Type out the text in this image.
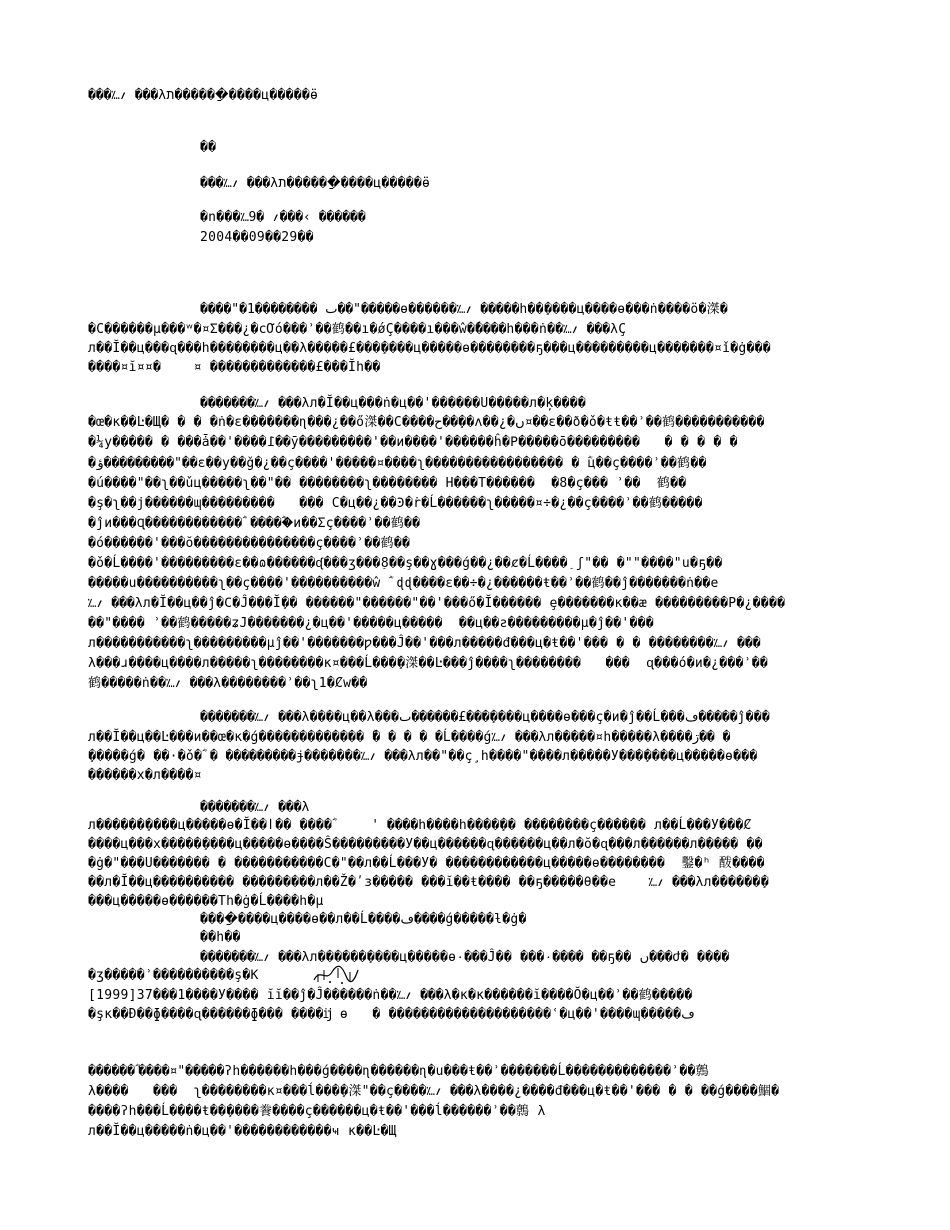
���؊؍ ���λת������ַ����ц�����ӫ
��
���؊؍ ���λת������ַ����ц�����ӫ
�n���؊؍ �9���‹ ������
2004��09��29��
����"�ٮ ��������1��"�����ө������؊؍ �����h��ַ����ц����ө���ṅ����ӧ�滐�
�C������µ���ʷ�¤Σ���¿�cƠό���ʾ��鹤��ı�ǿÇ����ı���ŵ�ٗ����h���ṅ��؊؍ ���λÇ
л��Ĭ��ц���ɋ���h��������ц��λ�����£���ַ����ц�����ө��������ҕ���ц���������ц�������¤ǐ�ġ���
����¤ĭ¤¤�    ¤ �������������£���Ĭh��
�������؊؍ ���λл�Ĭ��ц���ṅ�ц��'������Ս�����л�ķ����
�œ�к��Ŀ�Щ� � � �ṅ�ɛ�������ɳ���¿��ő滐��C����ح��ַ��ʌ��¿�ں¤��ɛ��ð�ǒ�ŧŧ��ʾ��鹤�����������
�¼у����� � ���ǡ��'����߁��ӯ���������'��и����'������ĥ�Ρ�����ō���������   � � � � �
�ؤ���������"��ɛ��у��ǧ�¿��ç����'�����¤����ʅ����������������� � ؓц��ç����ʾ��鹤��
�ú����"��ʅ��ǔц�����ʅ��"�� ��������ʅ�������� H���T������  �8�ç��� ʾ��  鹤��
�ş�ʅ��ј������ɰ���������   ��� C�ц��¿��Ͽ�ṙ�Ĺ������ʅ�����¤÷�¿��ç����ʾ��鹤�����
�ĵи���Ɋ������������ؓ �����ؓи��Σç����ʾ��鹤��
�ό������'���ŏ���������������ç����ʾ��鹤��
�ǒ�Ĺ����'���������ɛ��ɷ������ᶑ���ʒ���ַ8��ş��ɣ���ǵ��¿��ȼ�Ĺ����ַ ʃ"�� �""����"u�ҕ��
�����ս����������ʅ��ç����'����������ŵ ؓ ɖɖ����ɛ��÷�¿������ŧ��ʾ��鹤��ĵ�������ṅ��e
؊؍ ���λл�Ĭ��ц��ĵ�Ϲ�Ĵ���Ĭַ�� ������"������"��'���ő�Ĭ������ ȩ�������к��æ ���������Р�¿����
��"���� ʾ��鹤�����ʑЈ�������¿�ц��'�����ц�����  ��ц��ƨ���������µ�ĵ��'���
л�����������ʅ���������µĵ��'�������ƿ���Ĵ��'���л�����đ���ц�ŧ��'��� � � ��������؊؍ ���
λ���ɹ����ц����л�����ʅ��������к¤���Ĺ���ַ�滐��Ŀ���ĵ����ʅ��������   ���  ɋ���ό�и�¿���ʾ��
鹤�����ṅ��؊؍ ���λ��������ʾ��ʅ1�Ȼw��
�������؊؍ ���λ����ц��λ���ٮ������£���ַ����ц����ө���ç�и�ĵ��Ĺ���ڡ�����ĵ���
л��Ĭ��ц��Ŀ���и��œ�к�ǵ������������� ؓ� � � � �Ĺ����ǵ؊؍ ���λл�����¤h�����λ����ڗ�� �
ַ�����ǵ� ��·�ǒ�ؓ � ���������ɉ�������؊؍ ���λл��"��ç¸h����"����л�����У���ַ����ц�����ө���
������х�л����¤
�������؊؍ ���λ
л������ַ����ц�����ө�Ĭ��ӏ�� ����ؓ     ' ����h����h����ַ�� ��������ç������ л��Ĺ���У���Ȼ
����ц���х�����ַ����ц�����ө����Ŝ���������У��ц������ɋ������ц��л�ŏ�ɋ���л������л����� ��
�ġ�"���Ս������� � �����������C�"��л��Ĺ���У� ������������ц�����ө��������  鑿�ʰ 酦����
��л�Ĭ��ц���������� ���������л��Ž�ʹз����� ���ĭ��ŧ���� ��ҕ�����θ��e    ؊؍ ���λл������ַ�
���ц�����ө������Th�ġ�Ĺ����h�µ
����ַ����ц����ө��л��Ĺ����ڡ����ǵ�����ƚ�ġ�
��h��
�������؊؍ ���λл������ַ����ц�����ө٠���Ĵ�� ���٠���� ��ҕ�� ں���ժ� ����
�ʒ�����ʾ����������ş�Κ
[1999]37���1����У���� ĭĭ��ĵ�Ĵ������ṅ��؊؍ ���λ�κ�κ������ĭ����Ŏ�ц��ʾ��鹤�����
�şк��Ð��ɸ����ɋ������ɸ��� ����ĳ ɵ   � ��������������������ʿ�ц��'����ɰ�����ڡ
������ ؓ����¤"�����ʔh������h���ǵ����ɳ������ɳ�ս���ŧ��ʾ�������Ĺ�������������ʾ��鷯
λ����   ���  ʅ��������к¤���ĺ���ַ�滐"��ç����؊؍ ���λ����¿����đ���ц�ŧ��'��� � � ��ǵ����鯝�
����ʔh���Ĺ����ŧ��ַ����餋����ç������ц�ŧ��'���ĺ������ʾ��鷯 λ
л��Ĭ��ц�����ṅ�ц��'������������ҹ к��Ŀ�Щ
